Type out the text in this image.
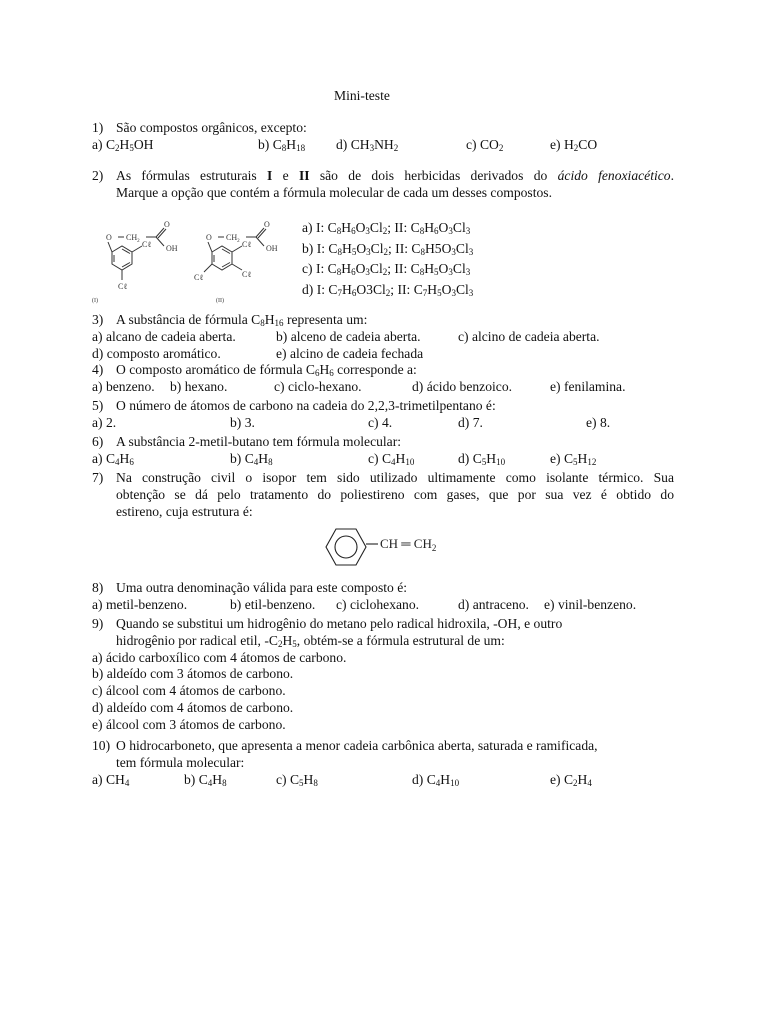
Mini-teste
1) São compostos orgânicos, excepto:
a) $C_2H_5OH$	b) $C_8H_{18}$ d) $CH_3NH_2$	c) $CO_2$	e) $H_2CO$
2) As fórmulas estruturais I e II são de dois herbicidas derivados do ácido fenoxiacético.
Marque a opção que contém a fórmula molecular de cada um desses compostos.
O $CH_2$
O
OH
Cℓ
Cℓ
O $CH_2$
O
OH
Cℓ
Cℓ
Cℓ
(I)	(II)
a) I: $C_8H_6O_3Cl_2$; II: $C_8H_6O_3Cl_3$
b) I: $C_8H_5O_3Cl_2$; II: $C_8H5O_3Cl_3$
c) I: $C_8H_6O_3Cl_2$; II: $C_8H_5O_3Cl_3$
d) I: $C_7H_6O3Cl_2$; II: $C_7H_5O_3Cl_3$
3) A substância de fórmula $C_8H_{16}$ representa um:
a) alcano de cadeia aberta.	b) alceno de cadeia aberta.	c) alcino de cadeia aberta.
d) composto aromático.	e) alcino de cadeia fechada
4) O composto aromático de fórmula $C_6H_6$ corresponde a:
a) benzeno. b) hexano.	c) ciclo-hexano.	d) ácido benzoico.	e) fenilamina.
5) O número de átomos de carbono na cadeia do 2,2,3-trimetilpentano é:
a) 2.	b) 3.	c) 4.	d) 7.	e) 8.
6) A substância 2-metil-butano tem fórmula molecular:
a) $C_4H_6$	b) $C_4H_8$	c) $C_4H_{10}$	d) $C_5H_{10}$	e) $C_5H_{12}$
7) Na construção civil o isopor tem sido utilizado ultimamente como isolante térmico. Sua
obtenção se dá pelo tratamento do poliestireno com gases, que por sua vez é obtido do
estireno, cuja estrutura é:
CH ═ $CH_2$
8) Uma outra denominação válida para este composto é:
a) metil-benzeno.	b) etil-benzeno. c) ciclohexano.	d) antraceno. e) vinil-benzeno.
9) Quando se substitui um hidrogênio do metano pelo radical hidroxila, -OH, e outro
hidrogênio por radical etil, $-C_2H_5$, obtém-se a fórmula estrutural de um:
a) ácido carboxílico com 4 átomos de carbono.
b) aldeído com 3 átomos de carbono.
c) álcool com 4 átomos de carbono.
d) aldeído com 4 átomos de carbono.
e) álcool com 3 átomos de carbono.
10) O hidrocarboneto, que apresenta a menor cadeia carbônica aberta, saturada e ramificada,
tem fórmula molecular:
a) $CH_4$	b) $C_4H_8$	c) $C_5H_8$	d) $C_4H_{10}$	e) $C_2H_4$
